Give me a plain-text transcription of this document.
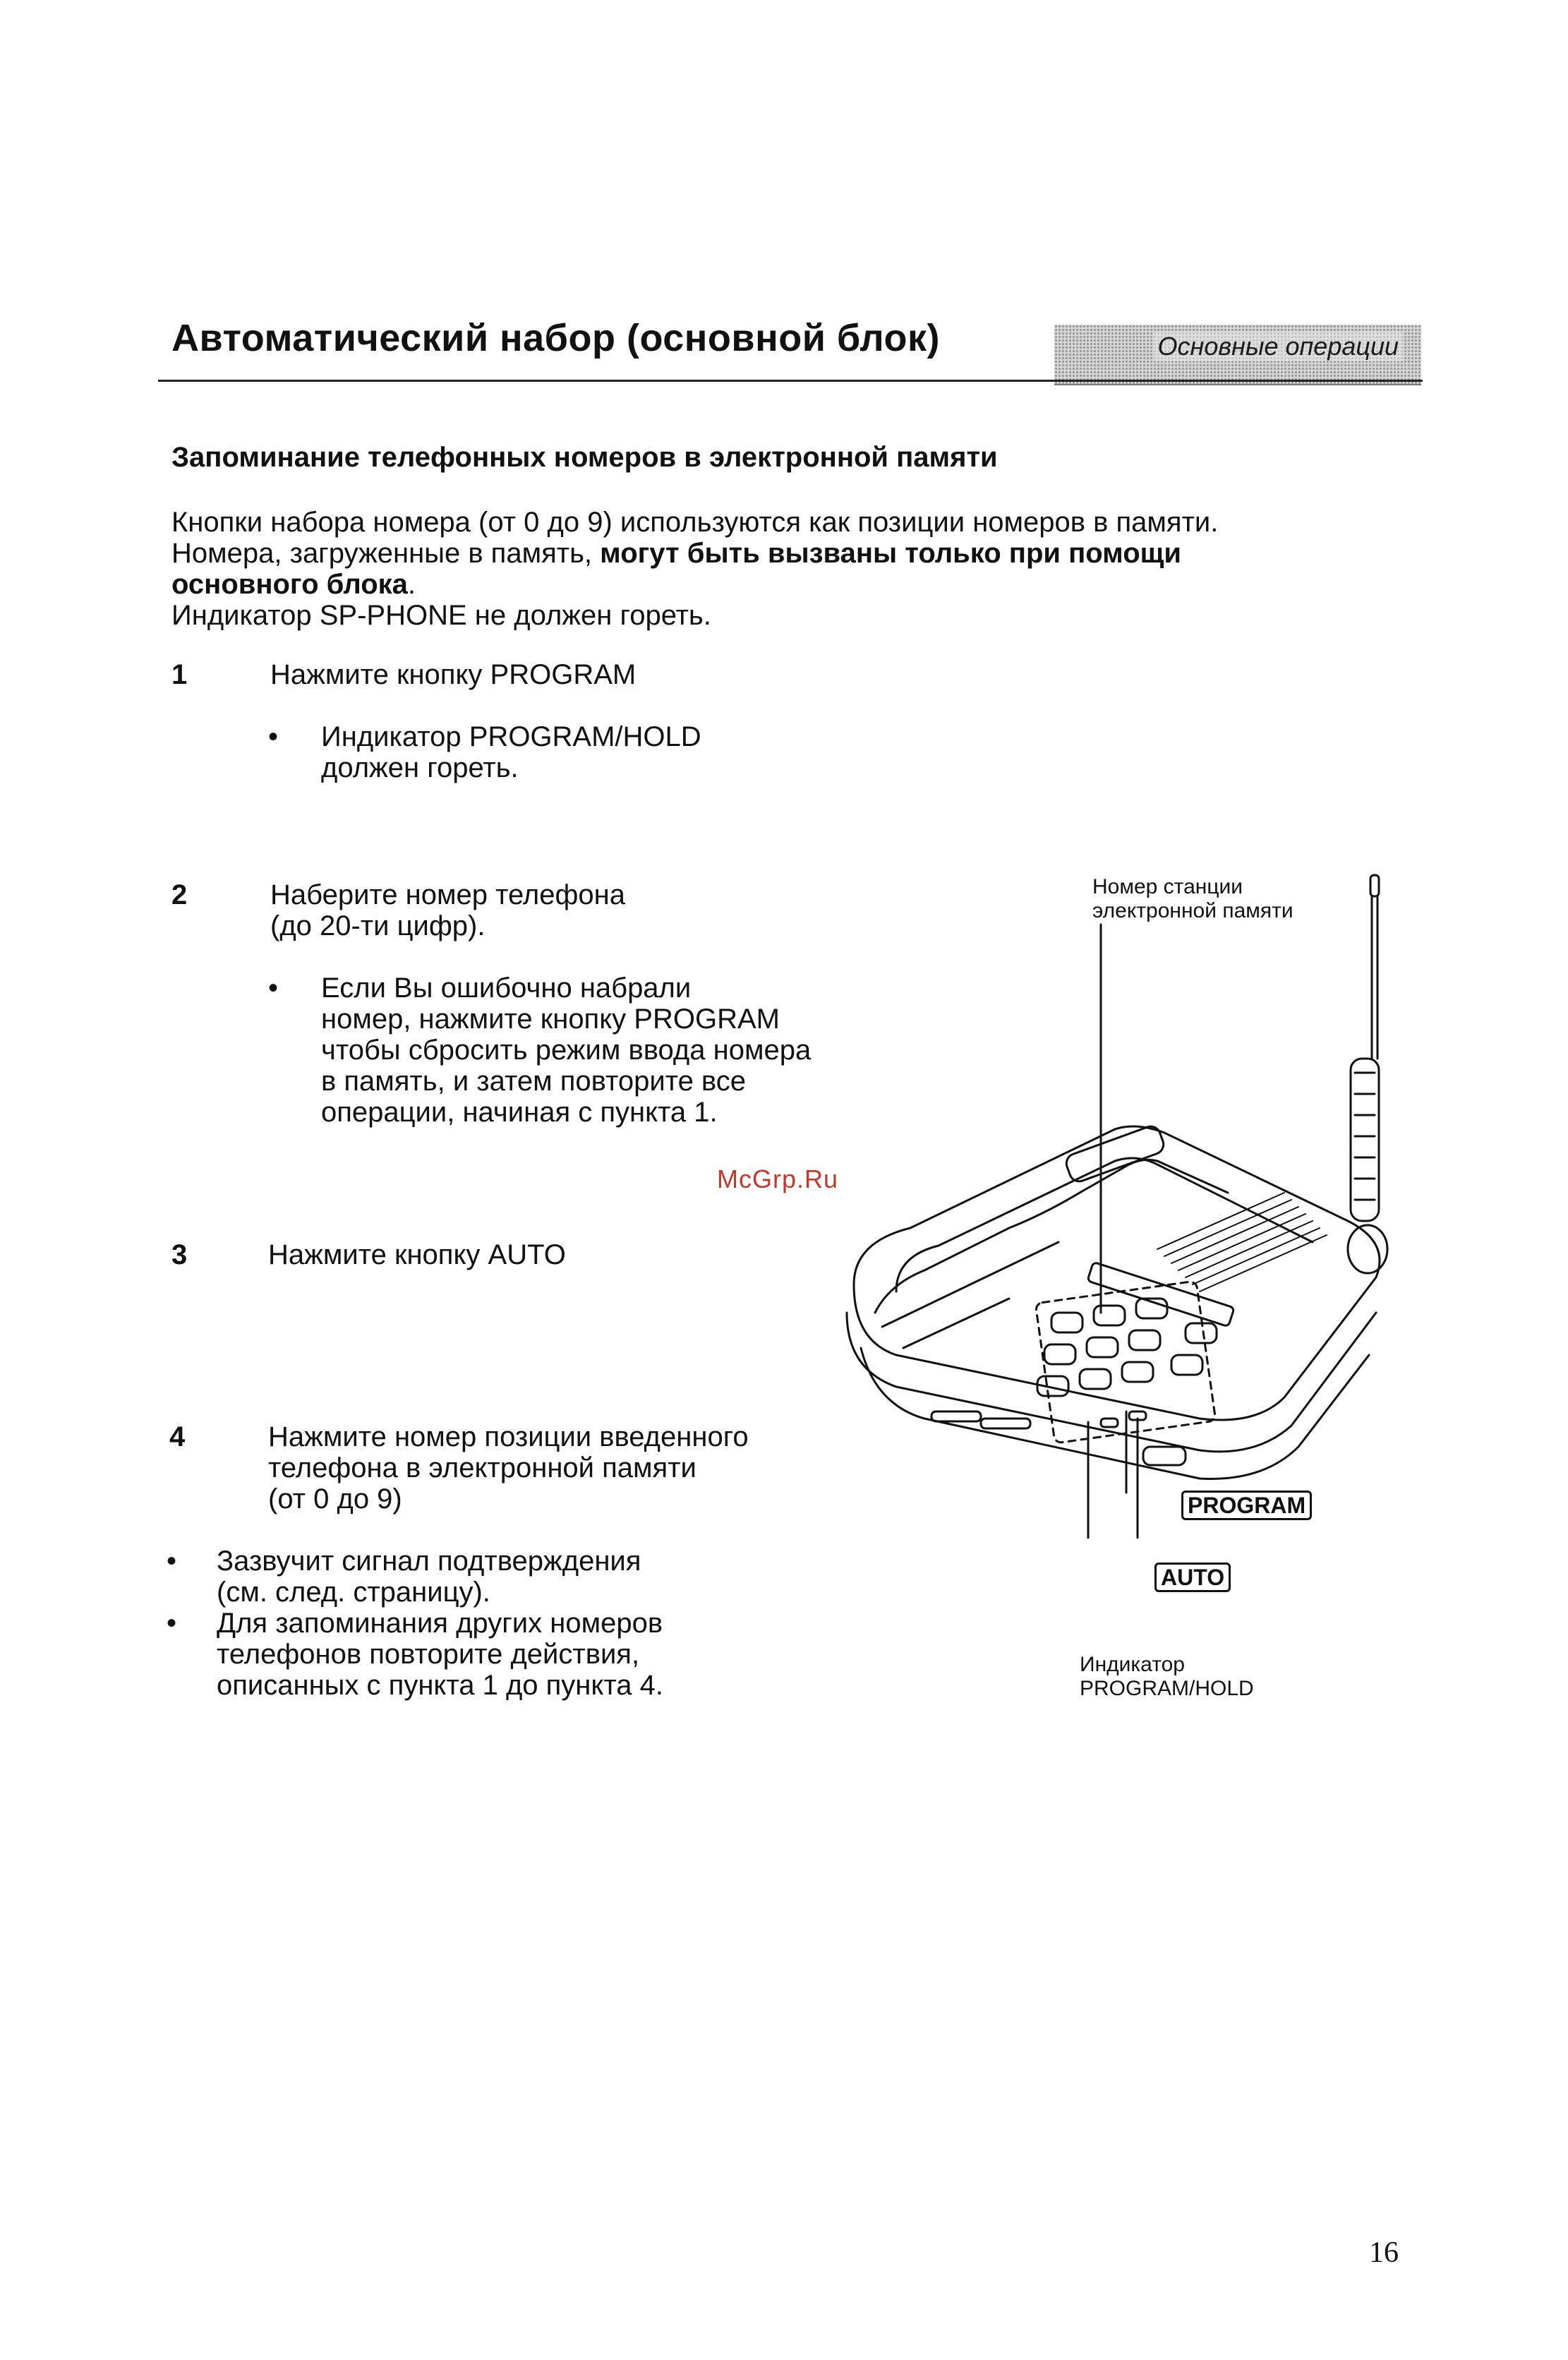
Автоматический набор (основной блок)	Основные операции
Запоминание телефонных номеров в электронной памяти
Кнопки набора номера (от 0 до 9) используются как позиции номеров в памяти.
Номера, загруженные в память, могут быть вызваны только при помощи
основного блока.
Индикатор SP-PHONE не должен гореть.
1	Нажмите кнопку PROGRAM
• Индикатор PROGRAM/HOLD
должен гореть.
2	Наберите номер телефона
(до 20-ти цифр).
• Если Вы ошибочно набрали
номер, нажмите кнопку PROGRAM
чтобы сбросить режим ввода номера
в память, и затем повторите все
операции, начиная с пункта 1.
McGrp.Ru
3	Нажмите кнопку AUTO
4	Нажмите номер позиции введенного
телефона в электронной памяти
(от 0 до 9)
• Зазвучит сигнал подтверждения
(см. след. страницу).
• Для запоминания других номеров
телефонов повторите действия,
описанных с пункта 1 до пункта 4.
Номер станции
электронной памяти
PROGRAM
AUTO
Индикатор
PROGRAM/HOLD
16
